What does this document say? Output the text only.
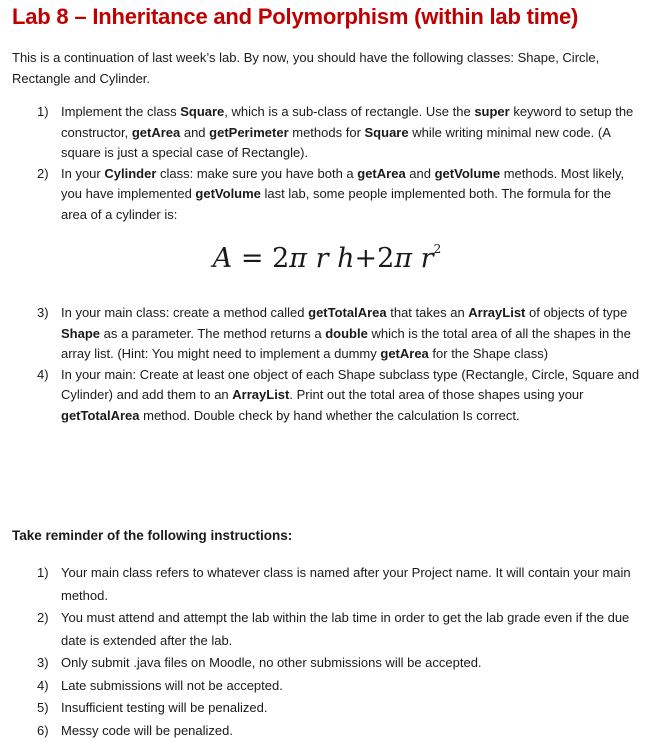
Lab 8 – Inheritance and Polymorphism (within lab time)

This is a continuation of last week’s lab. By now, you should have the following classes: Shape, Circle, Rectangle and Cylinder.

1) Implement the class Square, which is a sub-class of rectangle. Use the super keyword to setup the constructor, getArea and getPerimeter methods for Square while writing minimal new code. (A square is just a special case of Rectangle).
2) In your Cylinder class: make sure you have both a getArea and getVolume methods. Most likely, you have implemented getVolume last lab, some people implemented both. The formula for the area of a cylinder is:
A = 2π r h+2π $r^2$
3) In your main class: create a method called getTotalArea that takes an ArrayList of objects of type Shape as a parameter. The method returns a double which is the total area of all the shapes in the array list. (Hint: You might need to implement a dummy getArea for the Shape class)
4) In your main: Create at least one object of each Shape subclass type (Rectangle, Circle, Square and Cylinder) and add them to an ArrayList. Print out the total area of those shapes using your getTotalArea method. Double check by hand whether the calculation Is correct.
Take reminder of the following instructions:
1) Your main class refers to whatever class is named after your Project name. It will contain your main method.
2) You must attend and attempt the lab within the lab time in order to get the lab grade even if the due date is extended after the lab.
3) Only submit .java files on Moodle, no other submissions will be accepted.
4) Late submissions will not be accepted.
5) Insufficient testing will be penalized.
6) Messy code will be penalized.
